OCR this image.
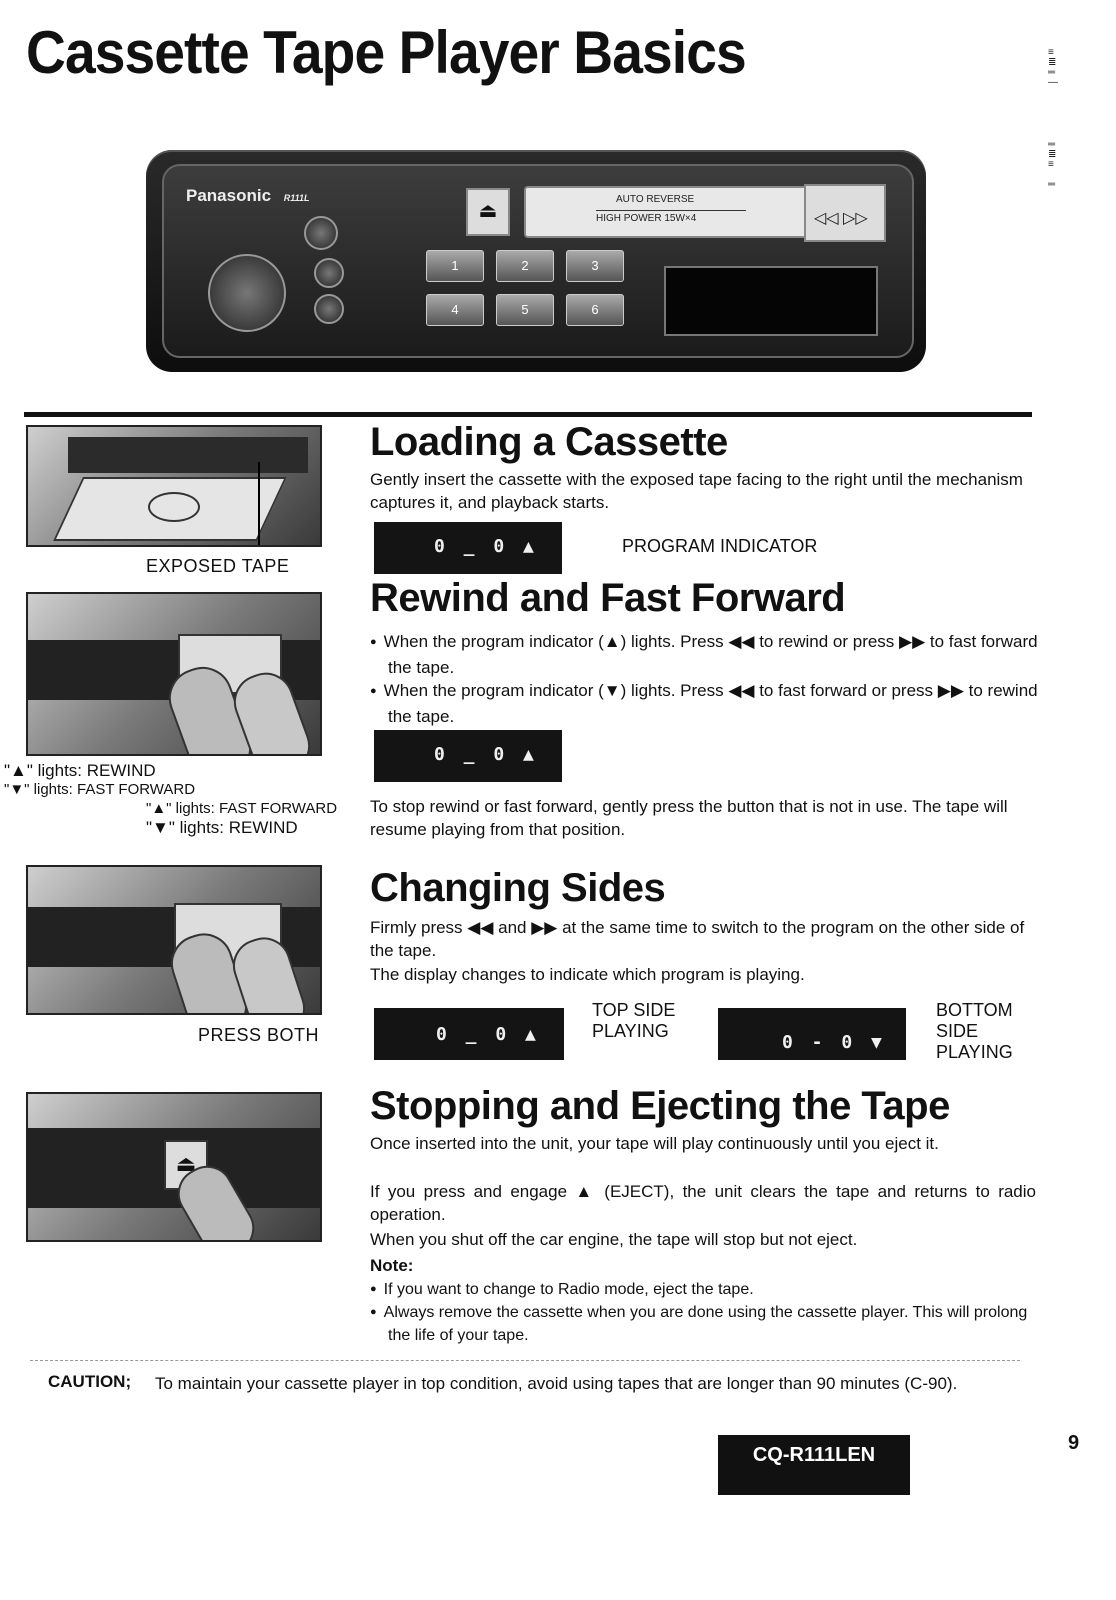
Cassette Tape Player Basics	≡
≣
═
—
═
≣
≡

═
Panasonic R111L
⏏
AUTO REVERSE
HIGH POWER 15W×4	◁◁ ▷▷
1	2	3
4	5	6
EXPOSED TAPE
Loading a Cassette

Gently insert the cassette with the exposed tape facing to the right until the mechanism captures it, and playback starts.

0 _ 0 ▲	PROGRAM INDICATOR
"▲" lights: REWIND
"▼" lights: FAST FORWARD
"▲" lights: FAST FORWARD
"▼" lights: REWIND
Rewind and Fast Forward
● When the program indicator (▲) lights. Press ◀◀ to rewind or press ▶▶ to fast forward the tape.
● When the program indicator (▼) lights. Press ◀◀ to fast forward or press ▶▶ to rewind the tape.
0 _ 0 ▲

To stop rewind or fast forward, gently press the button that is not in use. The tape will resume playing from that position.

PRESS BOTH
Changing Sides

Firmly press ◀◀ and ▶▶ at the same time to switch to the program on the other side of the tape.

The display changes to indicate which program is playing.

0 _ 0 ▲
TOP SIDE PLAYING
0 - 0 ▼
BOTTOM SIDE PLAYING
⏏
Stopping and Ejecting the Tape

Once inserted into the unit, your tape will play continuously until you eject it.

If you press and engage ▲ (EJECT), the unit clears the tape and returns to radio operation.

When you shut off the car engine, the tape will stop but not eject.

Note:

● If you want to change to Radio mode, eject the tape.
● Always remove the cassette when you are done using the cassette player. This will prolong the life of your tape.
CAUTION; To maintain your cassette player in top condition, avoid using tapes that are longer than 90 minutes (C-90).
CQ-R111LEN
9
